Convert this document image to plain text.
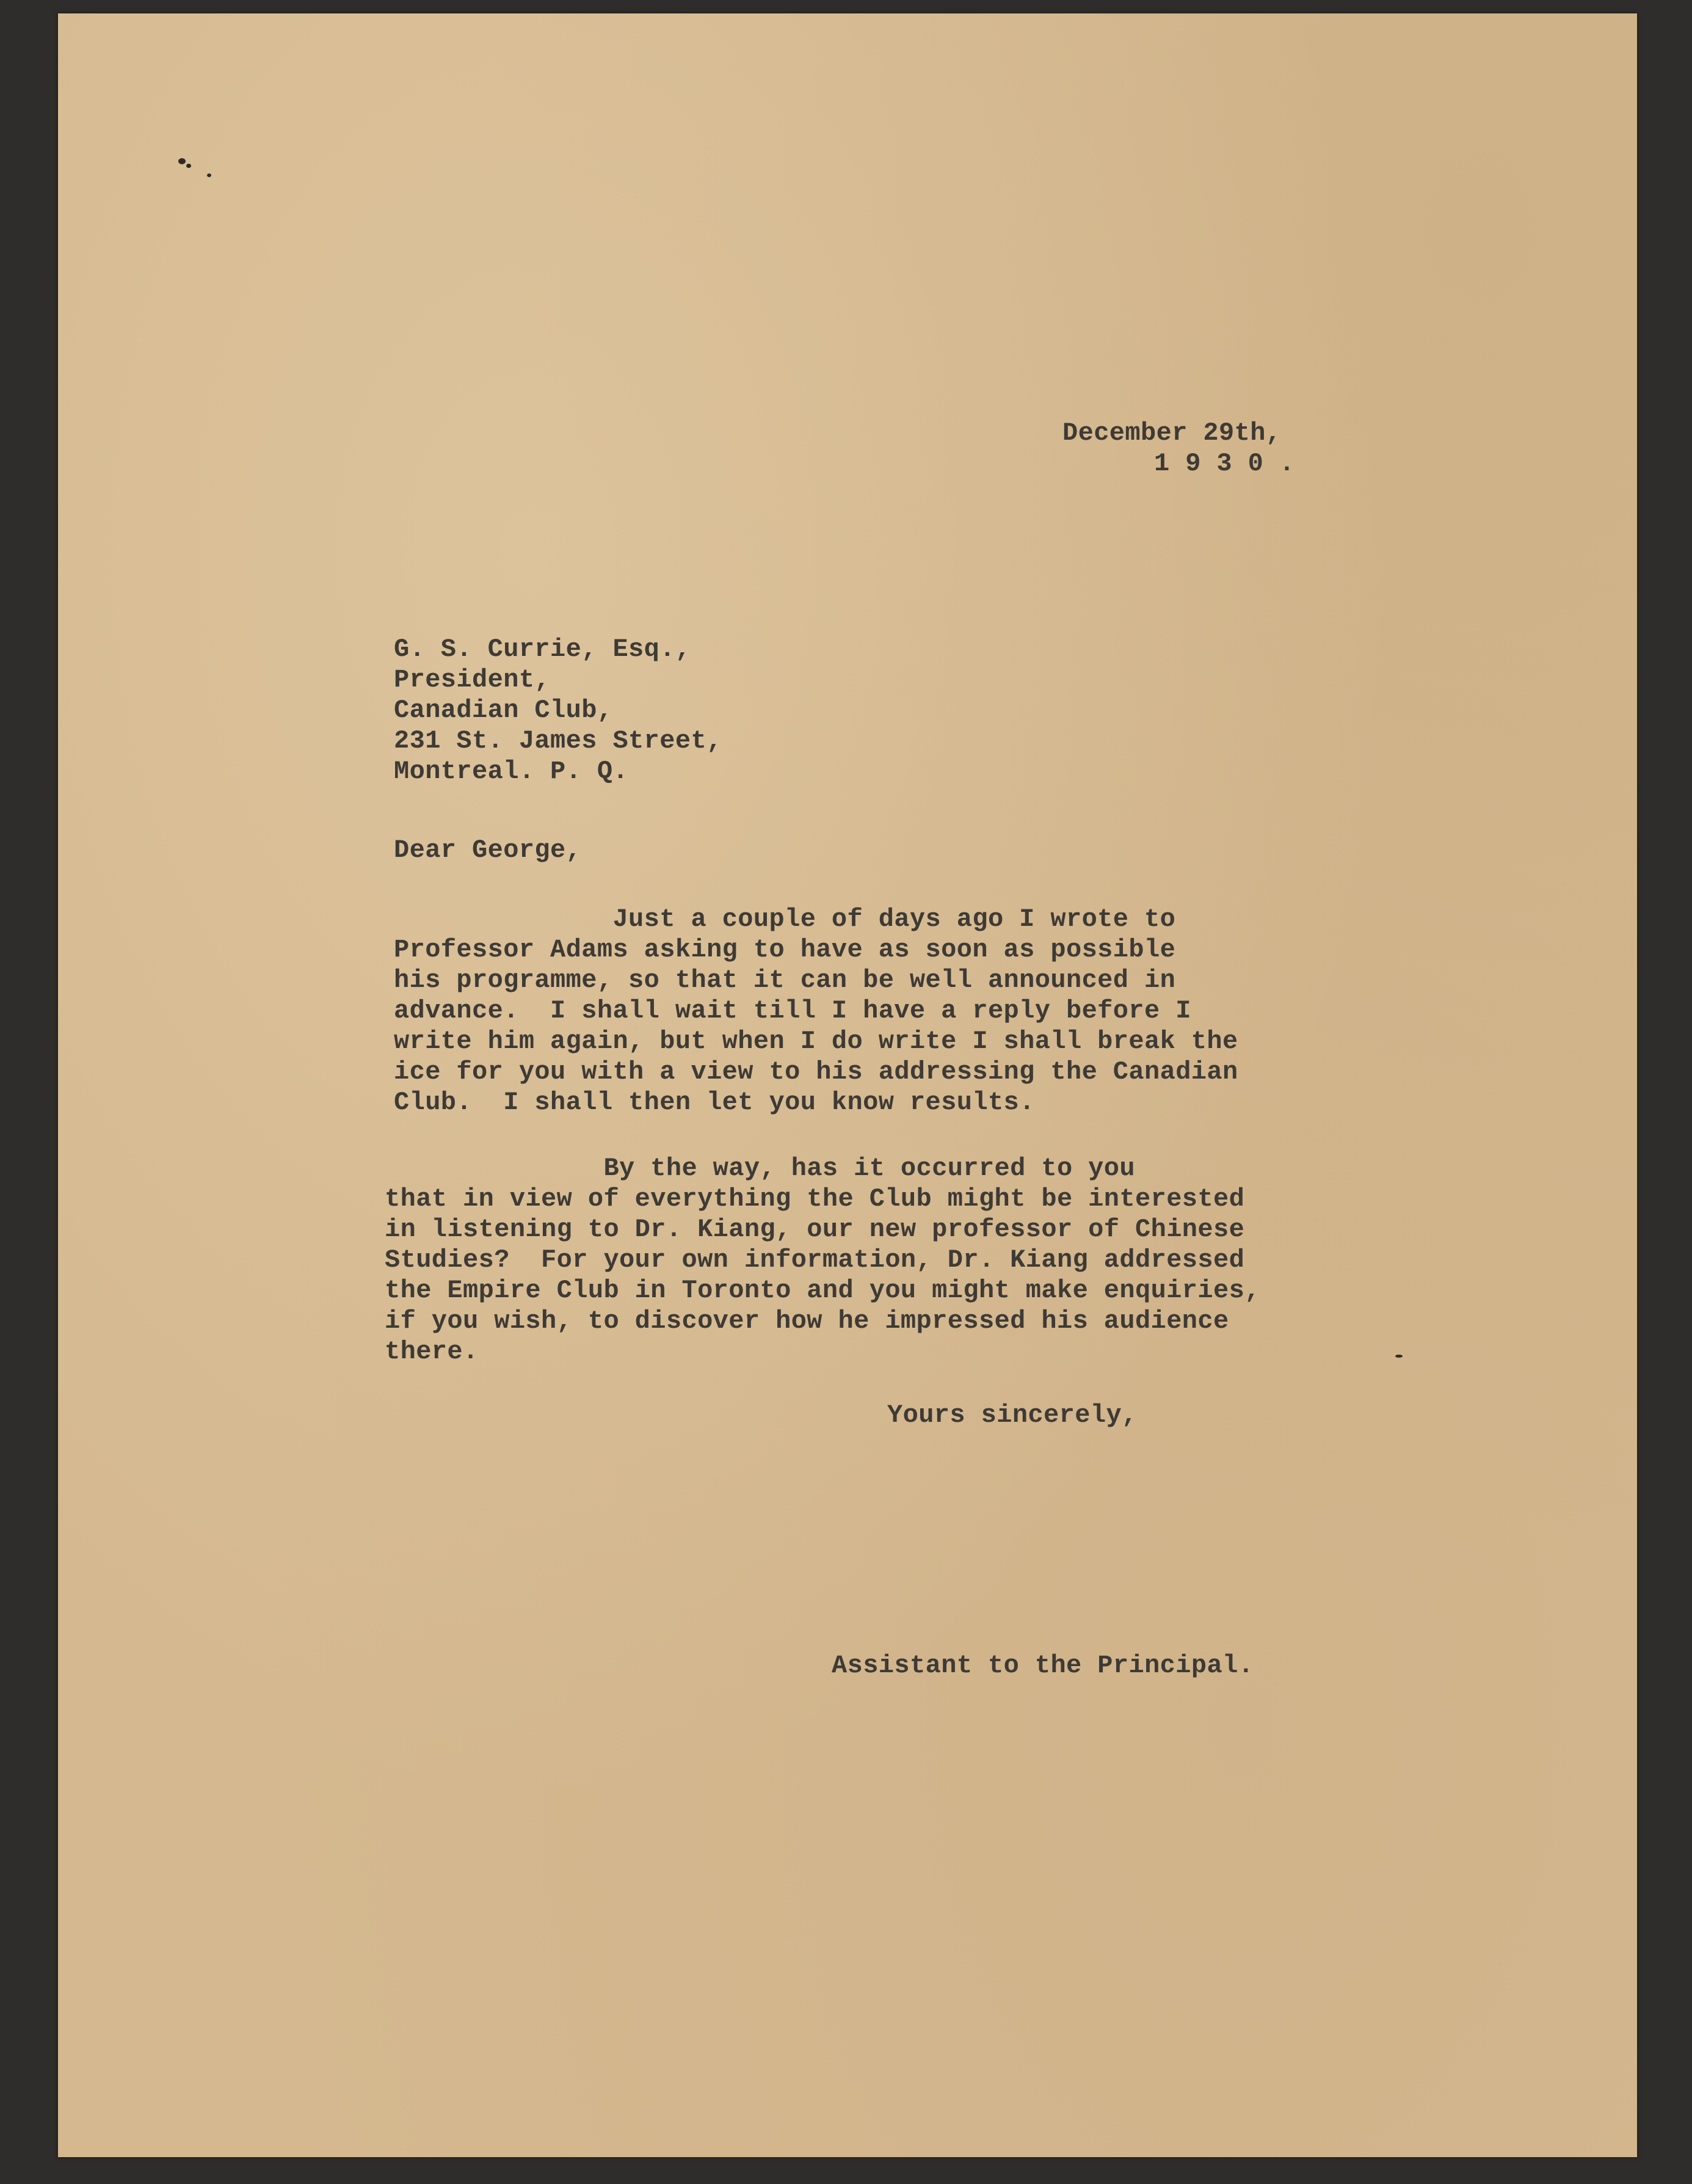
December 29th,
1 9 3 0 .
G. S. Currie, Esq.,
President,
Canadian Club,
231 St. James Street,
Montreal. P. Q.
Dear George,
Just a couple of days ago I wrote to
Professor Adams asking to have as soon as possible
his programme, so that it can be well announced in
advance.  I shall wait till I have a reply before I
write him again, but when I do write I shall break the
ice for you with a view to his addressing the Canadian
Club.  I shall then let you know results.
By the way, has it occurred to you
that in view of everything the Club might be interested
in listening to Dr. Kiang, our new professor of Chinese
Studies?  For your own information, Dr. Kiang addressed
the Empire Club in Toronto and you might make enquiries,
if you wish, to discover how he impressed his audience
there.
Yours sincerely,
Assistant to the Principal.
